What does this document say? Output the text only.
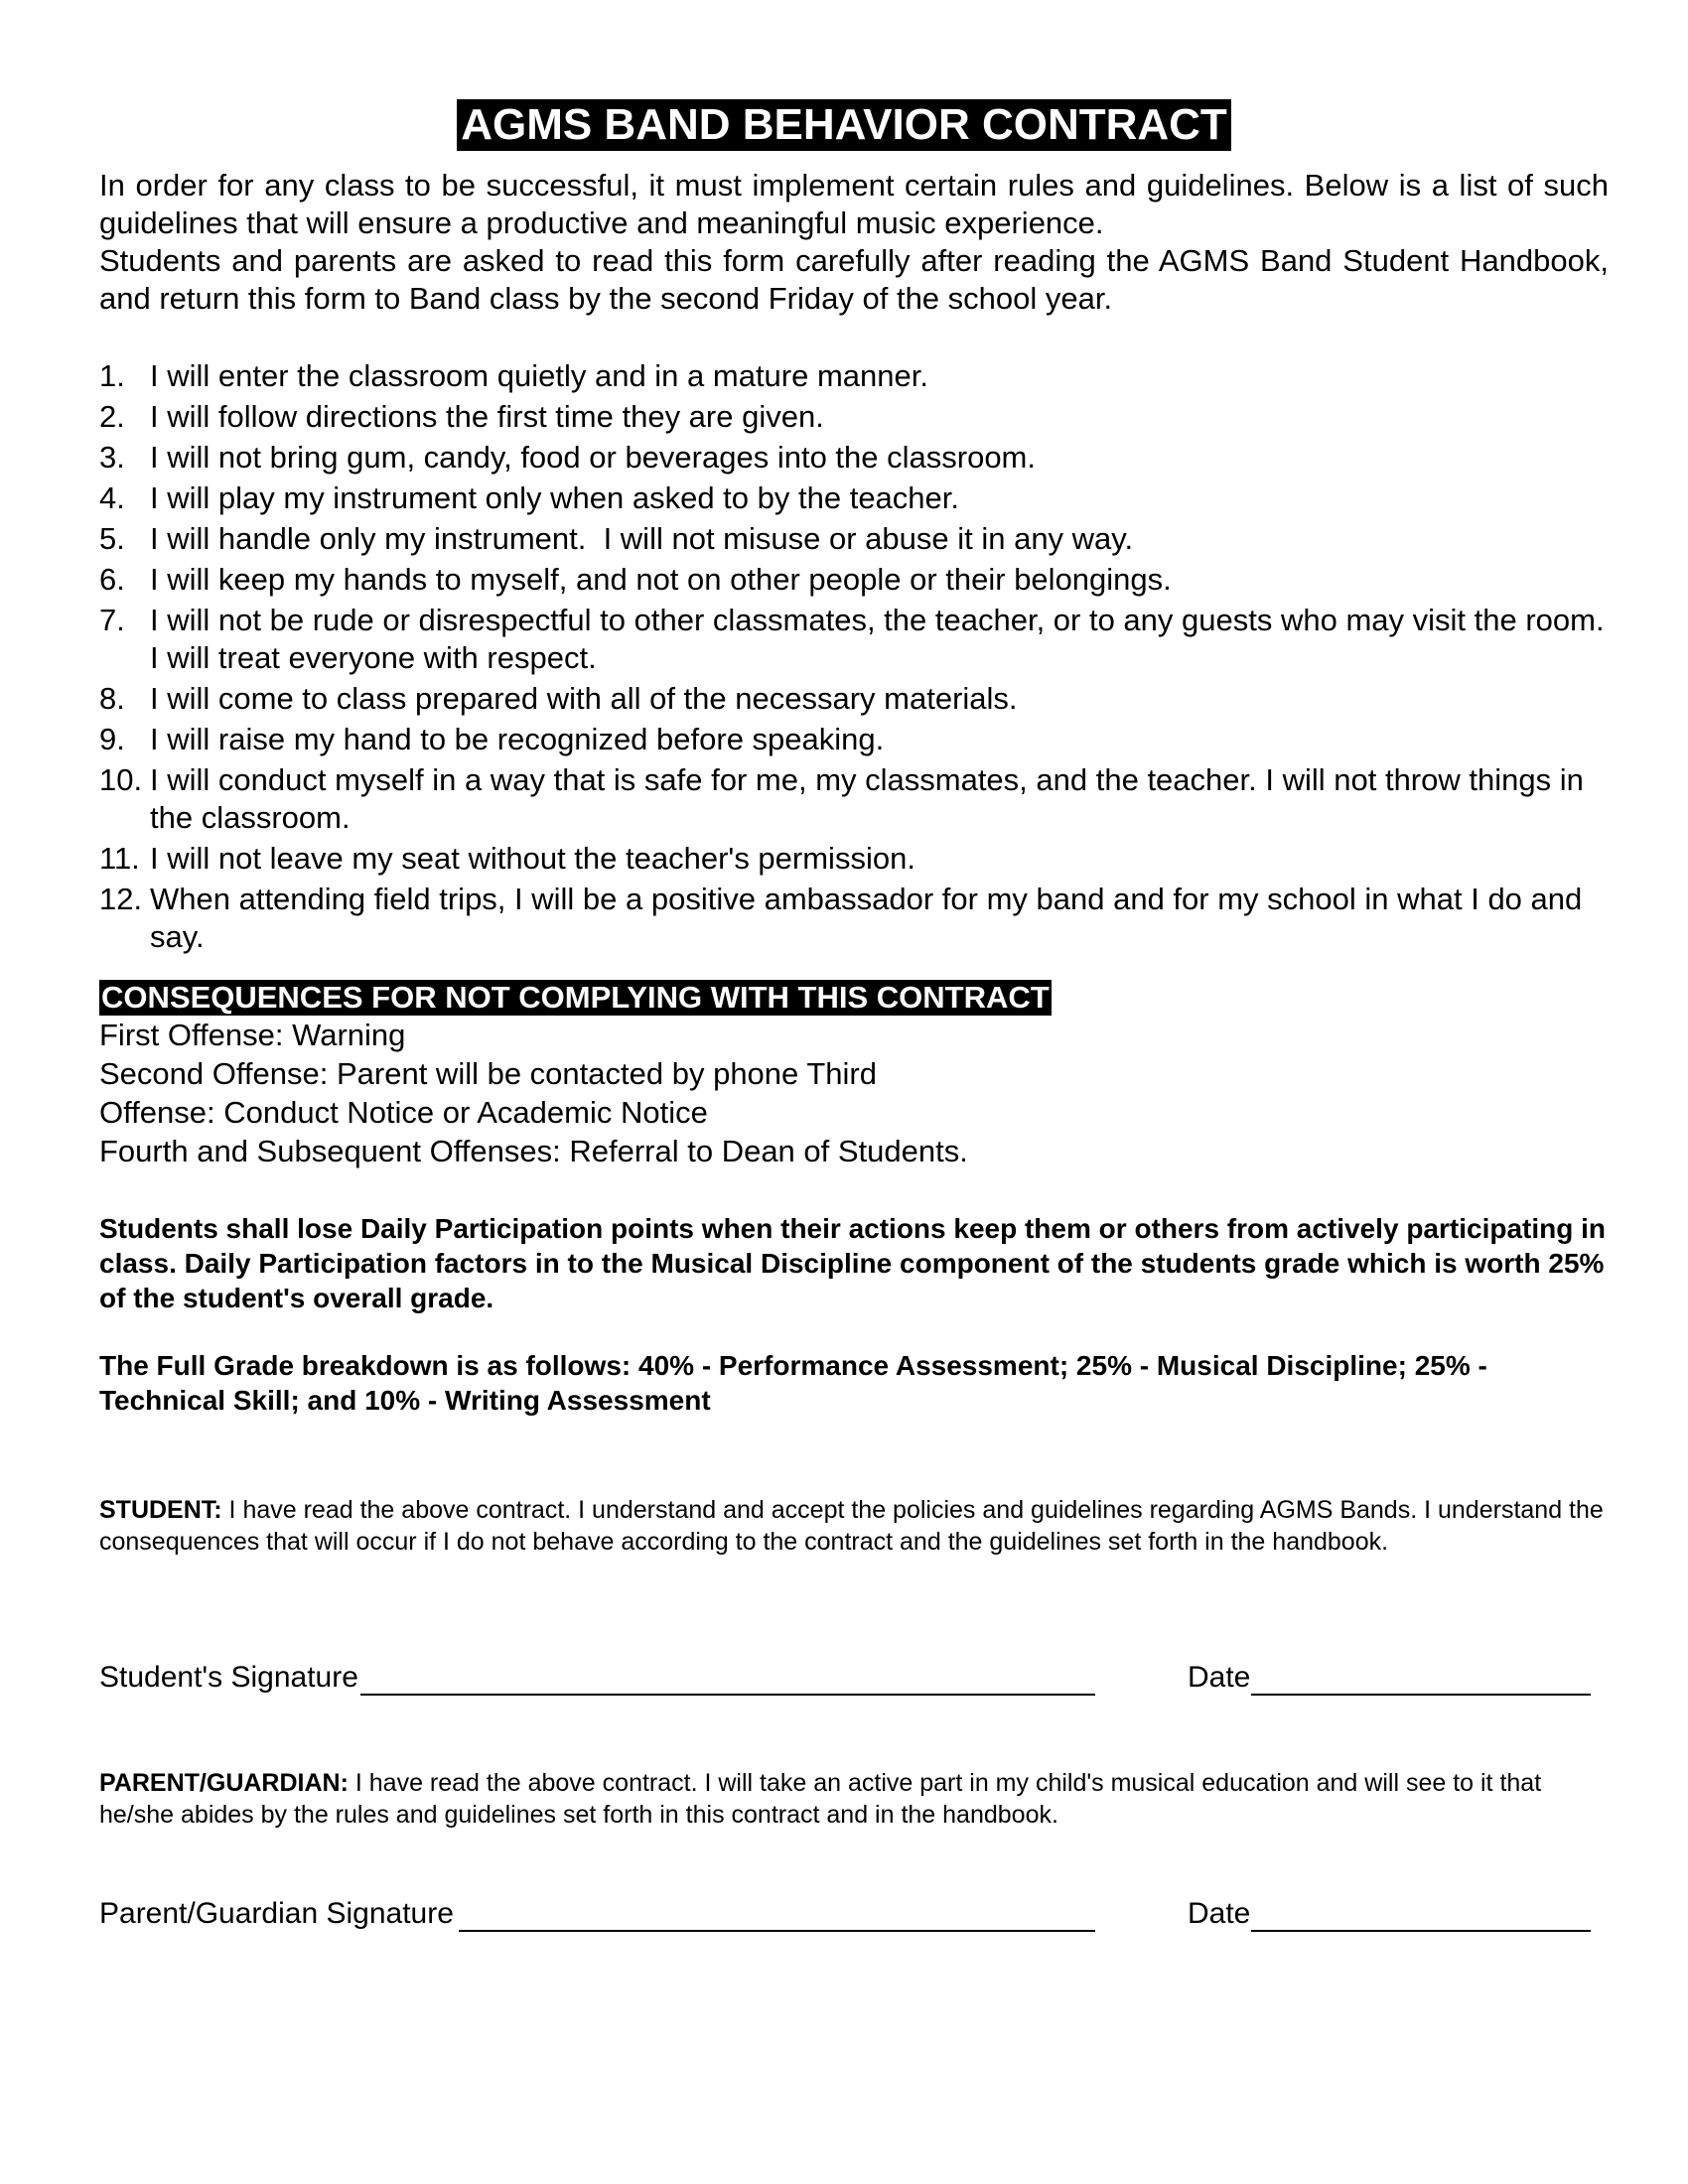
AGMS BAND BEHAVIOR CONTRACT

In order for any class to be successful, it must implement certain rules and guidelines. Below is a list of such guidelines that will ensure a productive and meaningful music experience.

Students and parents are asked to read this form carefully after reading the AGMS Band Student Handbook, and return this form to Band class by the second Friday of the school year.

1. I will enter the classroom quietly and in a mature manner.
2. I will follow directions the first time they are given.
3. I will not bring gum, candy, food or beverages into the classroom.
4. I will play my instrument only when asked to by the teacher.
5. I will handle only my instrument.  I will not misuse or abuse it in any way.
6. I will keep my hands to myself, and not on other people or their belongings.
7. I will not be rude or disrespectful to other classmates, the teacher, or to any guests who may visit the room.  I will treat everyone with respect.
8. I will come to class prepared with all of the necessary materials.
9. I will raise my hand to be recognized before speaking.
10. I will conduct myself in a way that is safe for me, my classmates, and the teacher. I will not throw things in the classroom.
11. I will not leave my seat without the teacher's permission.
12. When attending field trips, I will be a positive ambassador for my band and for my school in what I do and say.
CONSEQUENCES FOR NOT COMPLYING WITH THIS CONTRACT
First Offense: Warning
Second Offense: Parent will be contacted by phone Third
Offense: Conduct Notice or Academic Notice
Fourth and Subsequent Offenses: Referral to Dean of Students.
Students shall lose Daily Participation points when their actions keep them or others from actively participating in class. Daily Participation factors in to the Musical Discipline component of the students grade which is worth 25% of the student's overall grade.
The Full Grade breakdown is as follows: 40% - Performance Assessment; 25% - Musical Discipline; 25% - Technical Skill; and 10% - Writing Assessment
STUDENT: I have read the above contract. I understand and accept the policies and guidelines regarding AGMS Bands. I understand the consequences that will occur if I do not behave according to the contract and the guidelines set forth in the handbook.
Student's Signature	Date
PARENT/GUARDIAN: I have read the above contract. I will take an active part in my child's musical education and will see to it that he/she abides by the rules and guidelines set forth in this contract and in the handbook.
Parent/Guardian Signature	Date
